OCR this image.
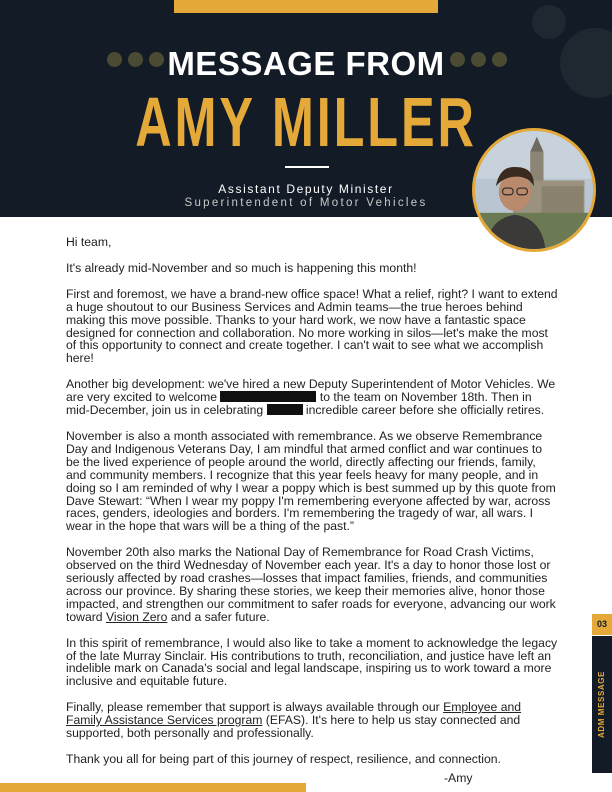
MESSAGE FROM
AMY MILLER
Assistant Deputy Minister
Superintendent of Motor Vehicles

Hi team,

It's already mid-November and so much is happening this month!

First and foremost, we have a brand-new office space! What a relief, right? I want to extend a huge shoutout to our Business Services and Admin teams—the true heroes behind making this move possible. Thanks to your hard work, we now have a fantastic space designed for connection and collaboration. No more working in silos—let's make the most of this opportunity to connect and create together. I can't wait to see what we accomplish here!

Another big development: we've hired a new Deputy Superintendent of Motor Vehicles. We are very excited to welcome	to the team on November 18th. Then in mid-December, join us in celebrating	incredible career before she officially retires.

November is also a month associated with remembrance. As we observe Remembrance Day and Indigenous Veterans Day, I am mindful that armed conflict and war continues to be the lived experience of people around the world, directly affecting our friends, family, and community members. I recognize that this year feels heavy for many people, and in doing so I am reminded of why I wear a poppy which is best summed up by this quote from Dave Stewart: “When I wear my poppy I'm remembering everyone affected by war, across races, genders, ideologies and borders. I'm remembering the tragedy of war, all wars. I wear in the hope that wars will be a thing of the past.”

November 20th also marks the National Day of Remembrance for Road Crash Victims, observed on the third Wednesday of November each year. It's a day to honor those lost or seriously affected by road crashes—losses that impact families, friends, and communities across our province. By sharing these stories, we keep their memories alive, honor those impacted, and strengthen our commitment to safer roads for everyone, advancing our work toward Vision Zero and a safer future.

In this spirit of remembrance, I would also like to take a moment to acknowledge the legacy of the late Murray Sinclair. His contributions to truth, reconciliation, and justice have left an indelible mark on Canada's social and legal landscape, inspiring us to work toward a more inclusive and equitable future.

Finally, please remember that support is always available through our Employee and Family Assistance Services program (EFAS). It's here to help us stay connected and supported, both personally and professionally.

Thank you all for being part of this journey of respect, resilience, and connection.

-Amy
03
ADM MESSAGE
